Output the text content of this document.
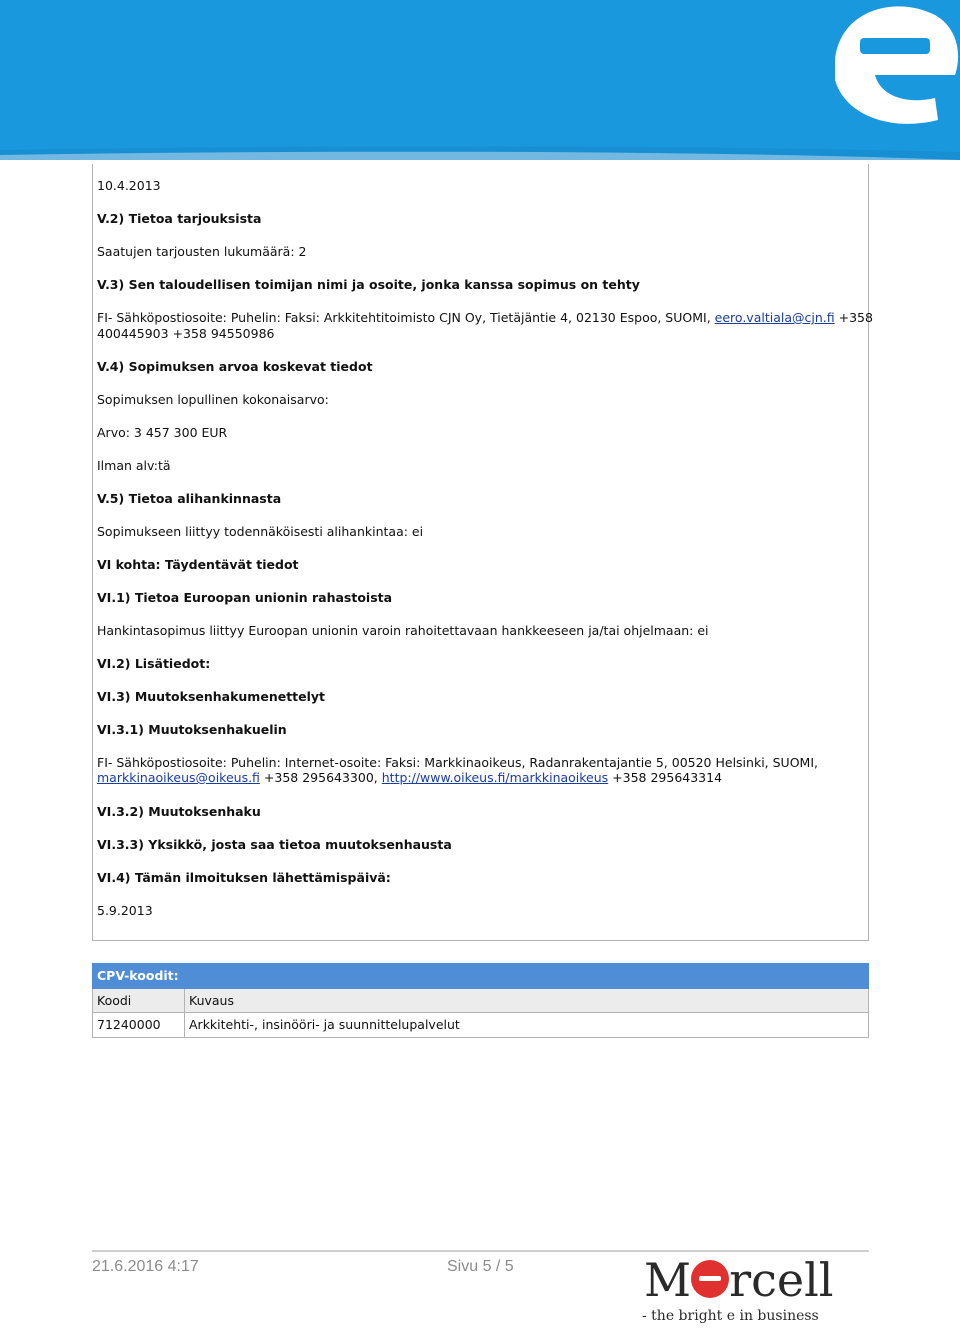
10.4.2013
V.2) Tietoa tarjouksista
Saatujen tarjousten lukumäärä: 2
V.3) Sen taloudellisen toimijan nimi ja osoite, jonka kanssa sopimus on tehty
FI- Sähköpostiosoite: Puhelin: Faksi: Arkkitehtitoimisto CJN Oy, Tietäjäntie 4, 02130 Espoo, SUOMI, eero.valtiala@cjn.fi +358
400445903 +358 94550986
V.4) Sopimuksen arvoa koskevat tiedot
Sopimuksen lopullinen kokonaisarvo:
Arvo: 3 457 300 EUR
Ilman alv:tä
V.5) Tietoa alihankinnasta
Sopimukseen liittyy todennäköisesti alihankintaa: ei
VI kohta: Täydentävät tiedot
VI.1) Tietoa Euroopan unionin rahastoista
Hankintasopimus liittyy Euroopan unionin varoin rahoitettavaan hankkeeseen ja/tai ohjelmaan: ei
VI.2) Lisätiedot:
VI.3) Muutoksenhakumenettelyt
VI.3.1) Muutoksenhakuelin
FI- Sähköpostiosoite: Puhelin: Internet-osoite: Faksi: Markkinaoikeus, Radanrakentajantie 5, 00520 Helsinki, SUOMI,
markkinaoikeus@oikeus.fi +358 295643300, http://www.oikeus.fi/markkinaoikeus +358 295643314
VI.3.2) Muutoksenhaku
VI.3.3) Yksikkö, josta saa tietoa muutoksenhausta
VI.4) Tämän ilmoituksen lähettämispäivä:
5.9.2013
CPV-koodit:	
Koodi	Kuvaus
71240000	Arkkitehti-, insinööri- ja suunnittelupalvelut
21.6.2016 4:17	Sivu 5 / 5	M rcell
- the bright e in business
